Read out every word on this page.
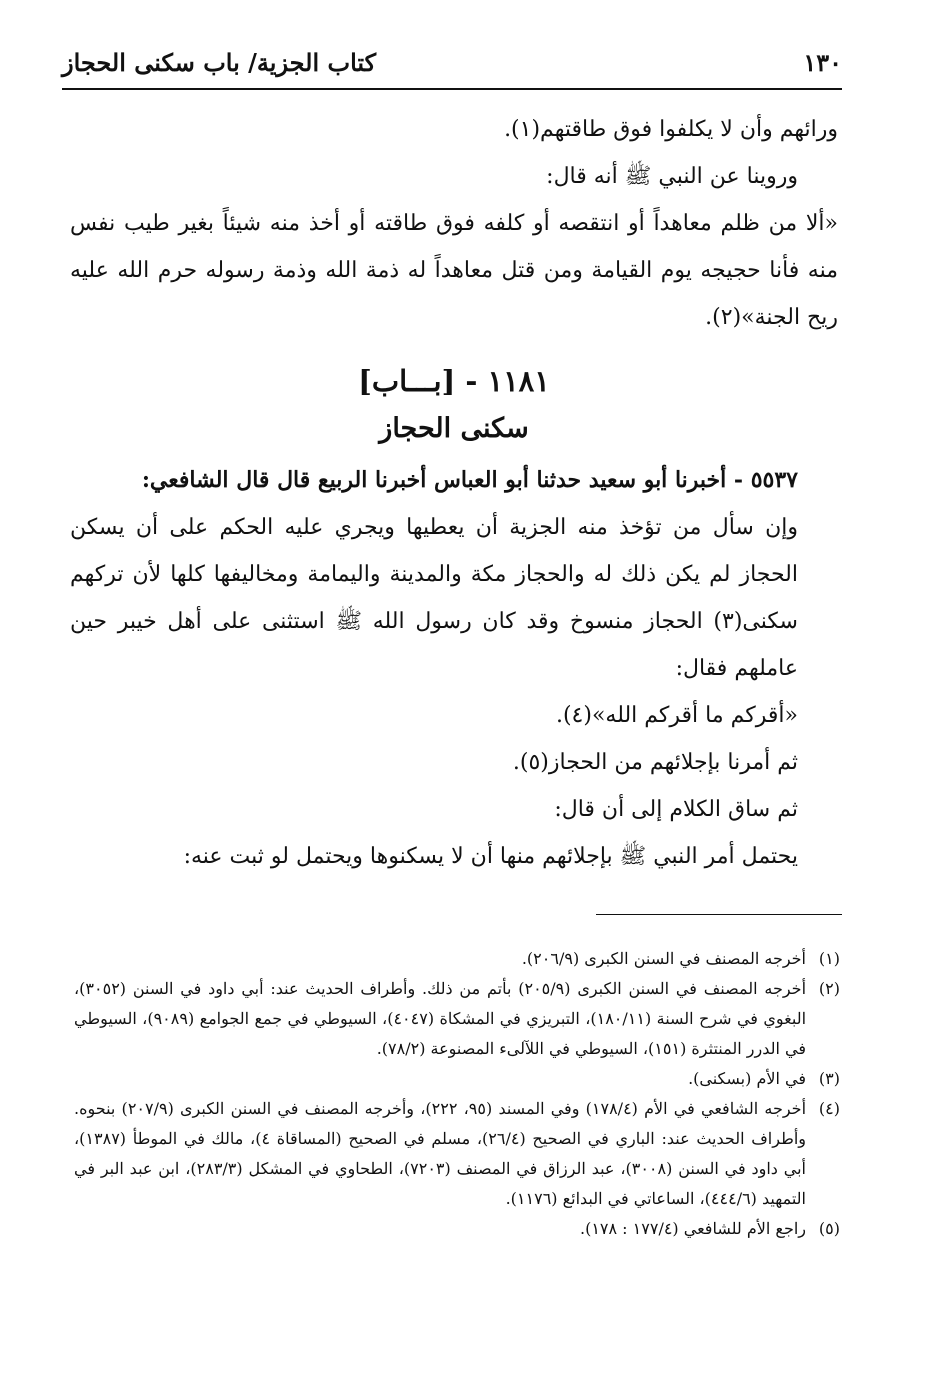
١٣٠
كتاب الجزية/ باب سكنى الحجاز

ورائهم وأن لا يكلفوا فوق طاقتهم(١).

وروينا عن النبي ﷺ أنه قال:

«ألا من ظلم معاهداً أو انتقصه أو كلفه فوق طاقته أو أخذ منه شيئاً بغير طيب نفس منه فأنا حجيجه يوم القيامة ومن قتل معاهداً له ذمة الله وذمة رسوله حرم الله عليه ريح الجنة»(٢).

١١٨١ - [بـــاب]

سكنى الحجاز

٥٥٣٧ - أخبرنا أبو سعيد حدثنا أبو العباس أخبرنا الربيع قال قال الشافعي:

وإن سأل من تؤخذ منه الجزية أن يعطيها ويجري عليه الحكم على أن يسكن الحجاز لم يكن ذلك له والحجاز مكة والمدينة واليمامة ومخاليفها كلها لأن تركهم سكنى(٣) الحجاز منسوخ وقد كان رسول الله ﷺ استثنى على أهل خيبر حين عاملهم فقال:

«أقركم ما أقركم الله»(٤).

ثم أمرنا بإجلائهم من الحجاز(٥).

ثم ساق الكلام إلى أن قال:

يحتمل أمر النبي ﷺ بإجلائهم منها أن لا يسكنوها ويحتمل لو ثبت عنه:

(١)
أخرجه المصنف في السنن الكبرى (٢٠٦/٩).

(٢)
أخرجه المصنف في السنن الكبرى (٢٠٥/٩) بأتم من ذلك. وأطراف الحديث عند: أبي داود في السنن (٣٠٥٢)، البغوي في شرح السنة (١٨٠/١١)، التبريزي في المشكاة (٤٠٤٧)، السيوطي في جمع الجوامع (٩٠٨٩)، السيوطي في الدرر المنتثرة (١٥١)، السيوطي في اللآلىء المصنوعة (٧٨/٢).

(٣)
في الأم (بسكنى).

(٤)
أخرجه الشافعي في الأم (١٧٨/٤) وفي المسند (٩٥، ٢٢٢)، وأخرجه المصنف في السنن الكبرى (٢٠٧/٩) بنحوه. وأطراف الحديث عند: الباري في الصحيح (٢٦/٤)، مسلم في الصحيح (المساقاة ٤)، مالك في الموطأ (١٣٨٧)، أبي داود في السنن (٣٠٠٨)، عبد الرزاق في المصنف (٧٢٠٣)، الطحاوي في المشكل (٢٨٣/٣)، ابن عبد البر في التمهيد (٤٤٤/٦)، الساعاتي في البدائع (١١٧٦).

(٥)
راجع الأم للشافعي (١٧٧/٤ : ١٧٨).
